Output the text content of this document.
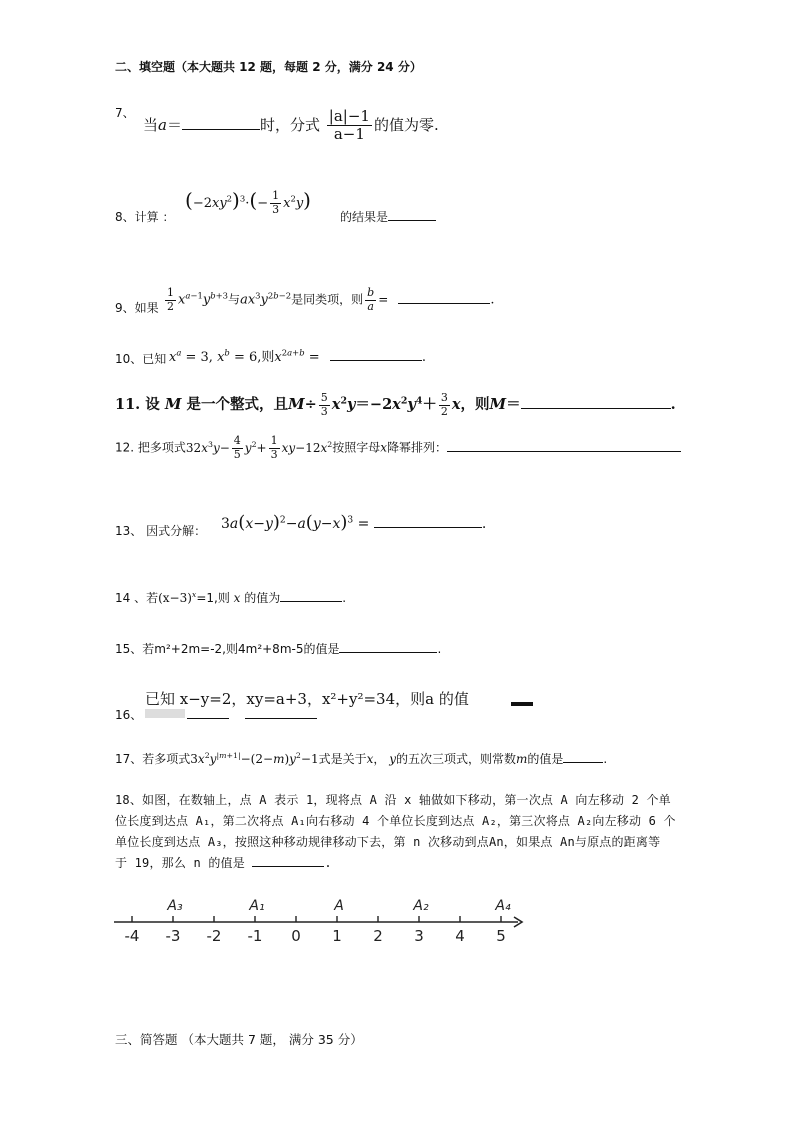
二、填空题（本大题共 12 题，每题 2 分，满分 24 分）
7、
当a＝	时，分式 $\frac{|a|-1}{a-1}$ 的值为零.
8、计算 ：
$(-2xy^2)^3\cdot(- \frac{1}{3} x^2y)$
的结果是
9、如果 $\frac{1}{2} x^{a-1}y^{b+3}$与$ax^3y^{2b-2}$是同类项，则 $\frac{b}{a}$ =	.
10、已知 $x^a = 3$, $x^b = 6$,则$x^{2a+b}$ =	.
11. 设 M 是一个整式，且$M\div \frac{5}{3} x^2y=-2x^2y^4+ \frac{3}{2}$ x，则M＝	.
12. 把多项式$32x^3y- \frac{4}{5} y^2+ \frac{1}{3} xy-12x^2$按照字母x降幂排列：
13、 因式分解： $3a(x-y)^2-a(y-x)^3$ =	.
14 、若$(x-3)^x=1$,则 x 的值为	.
15、若m²+2m=-2,则4m²+8m-5的值是	.
16、
已知 x−y=2，xy=a+3，x²+y²=34，则a 的值
17、若多项式$3x^2y^{|m+1|}-(2-m)y^2-1$式是关于x， y的五次三项式，则常数m的值是	.
18、如图，在数轴上，点 A 表示 1，现将点 A 沿 x 轴做如下移动，第一次点 A 向左移动 2 个单
位长度到达点 A₁，第二次将点 A₁向右移动 4 个单位长度到达点 A₂，第三次将点 A₂向左移动 6 个
单位长度到达点 A₃，按照这种移动规律移动下去，第 n 次移动到点An，如果点 An与原点的距离等
于 19，那么 n 的值是	.
-4 -3 -2 -1 0 1 2 3 4 5
A₃	A₁	A	A₂	A₄
三、简答题 （本大题共 7 题， 满分 35 分）
